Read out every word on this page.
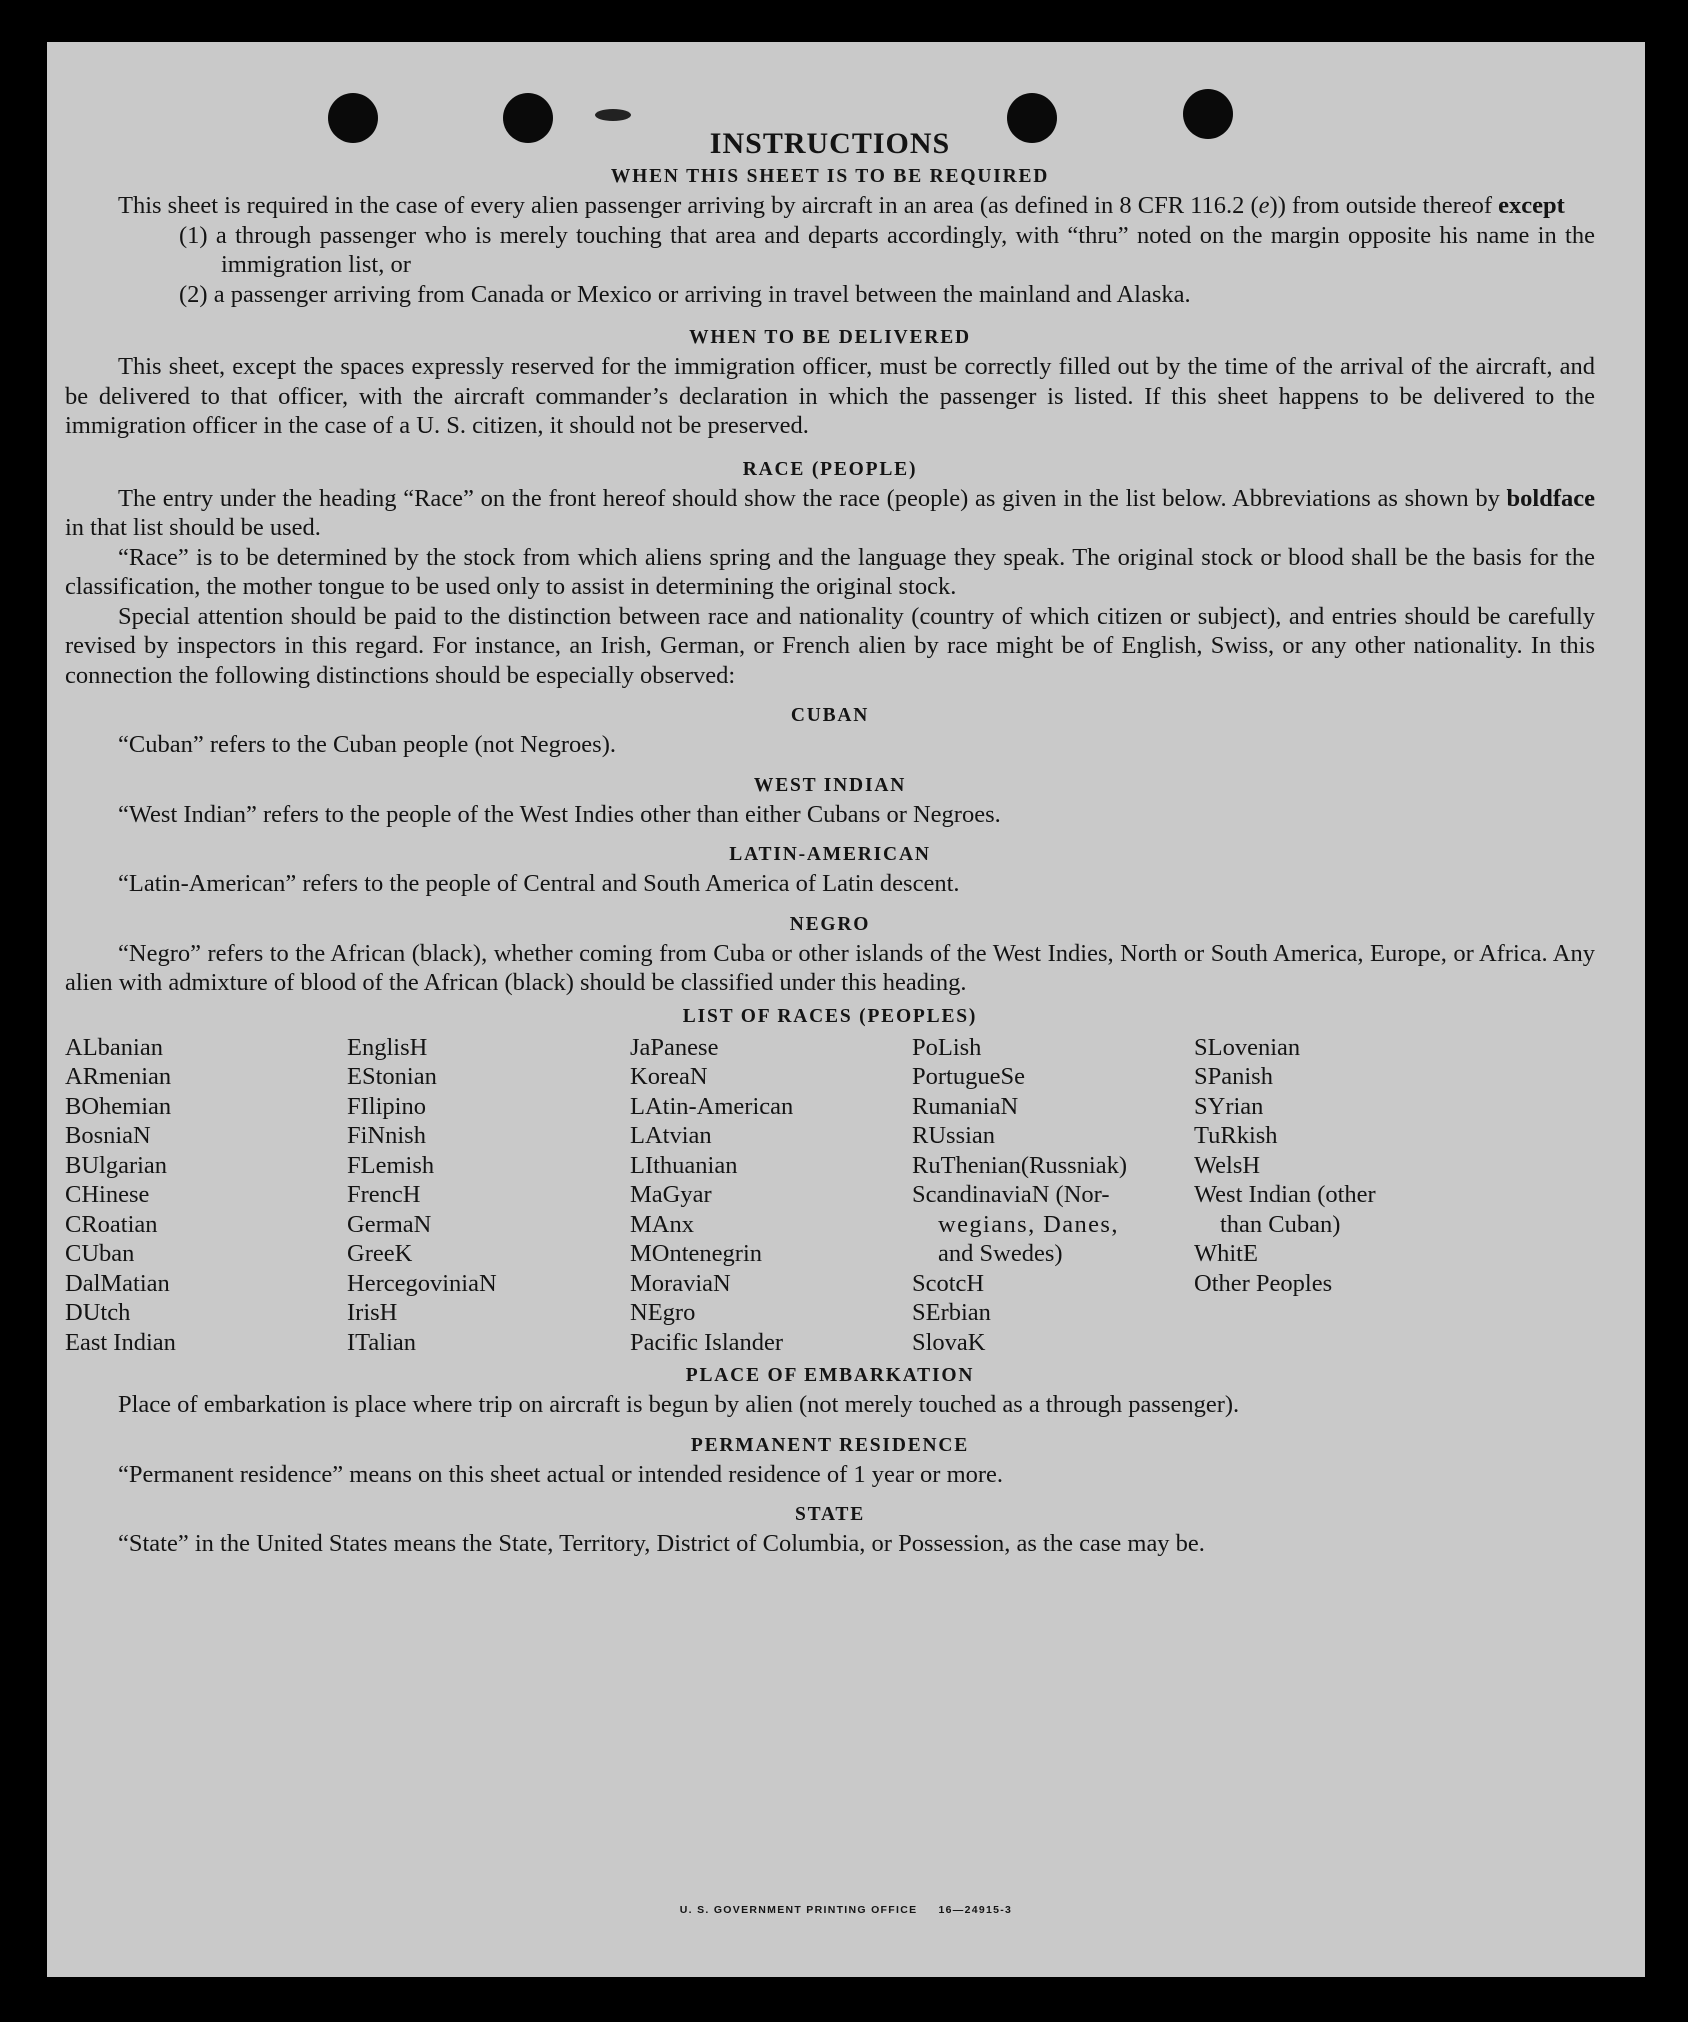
INSTRUCTIONS

WHEN THIS SHEET IS TO BE REQUIRED

This sheet is required in the case of every alien passenger arriving by aircraft in an area (as defined in 8 CFR 116.2 (e)) from outside thereof except

(1) a through passenger who is merely touching that area and departs accordingly, with “thru” noted on the margin opposite his name in the immigration list, or

(2) a passenger arriving from Canada or Mexico or arriving in travel between the mainland and Alaska.

WHEN TO BE DELIVERED

This sheet, except the spaces expressly reserved for the immigration officer, must be correctly filled out by the time of the arrival of the aircraft, and be delivered to that officer, with the aircraft commander’s declaration in which the passenger is listed. If this sheet happens to be delivered to the immigration officer in the case of a U. S. citizen, it should not be preserved.

RACE (PEOPLE)

The entry under the heading “Race” on the front hereof should show the race (people) as given in the list below. Abbreviations as shown by boldface in that list should be used.

“Race” is to be determined by the stock from which aliens spring and the language they speak. The original stock or blood shall be the basis for the classification, the mother tongue to be used only to assist in determining the original stock.

Special attention should be paid to the distinction between race and nationality (country of which citizen or subject), and entries should be carefully revised by inspectors in this regard. For instance, an Irish, German, or French alien by race might be of English, Swiss, or any other nationality. In this connection the following distinctions should be especially observed:

CUBAN

“Cuban” refers to the Cuban people (not Negroes).

WEST INDIAN

“West Indian” refers to the people of the West Indies other than either Cubans or Negroes.

LATIN-AMERICAN

“Latin-American” refers to the people of Central and South America of Latin descent.

NEGRO

“Negro” refers to the African (black), whether coming from Cuba or other islands of the West Indies, North or South America, Europe, or Africa. Any alien with admixture of blood of the African (black) should be classified under this heading.

LIST OF RACES (PEOPLES)

ALbanian
ARmenian
BOhemian
BosniaN
BUlgarian
CHinese
CRoatian
CUban
DalMatian
DUtch
East Indian
EnglisH
EStonian
FIlipino
FiNnish
FLemish
FrencH
GermaN
GreeK
HercegoviniaN
IrisH
ITalian
JaPanese
KoreaN
LAtin-American
LAtvian
LIthuanian
MaGyar
MAnx
MOntenegrin
MoraviaN
NEgro
Pacific Islander
PoLish
PortugueSe
RumaniaN
RUssian
RuThenian(Russniak)
ScandinaviaN (Nor-
wegians, Danes,
and Swedes)
ScotcH
SErbian
SlovaK
SLovenian
SPanish
SYrian
TuRkish
WelsH
West Indian (other
than Cuban)
WhitE
Other Peoples

PLACE OF EMBARKATION

Place of embarkation is place where trip on aircraft is begun by alien (not merely touched as a through passenger).

PERMANENT RESIDENCE

“Permanent residence” means on this sheet actual or intended residence of 1 year or more.

STATE

“State” in the United States means the State, Territory, District of Columbia, or Possession, as the case may be.

U. S. GOVERNMENT PRINTING OFFICE 16—24915-3
